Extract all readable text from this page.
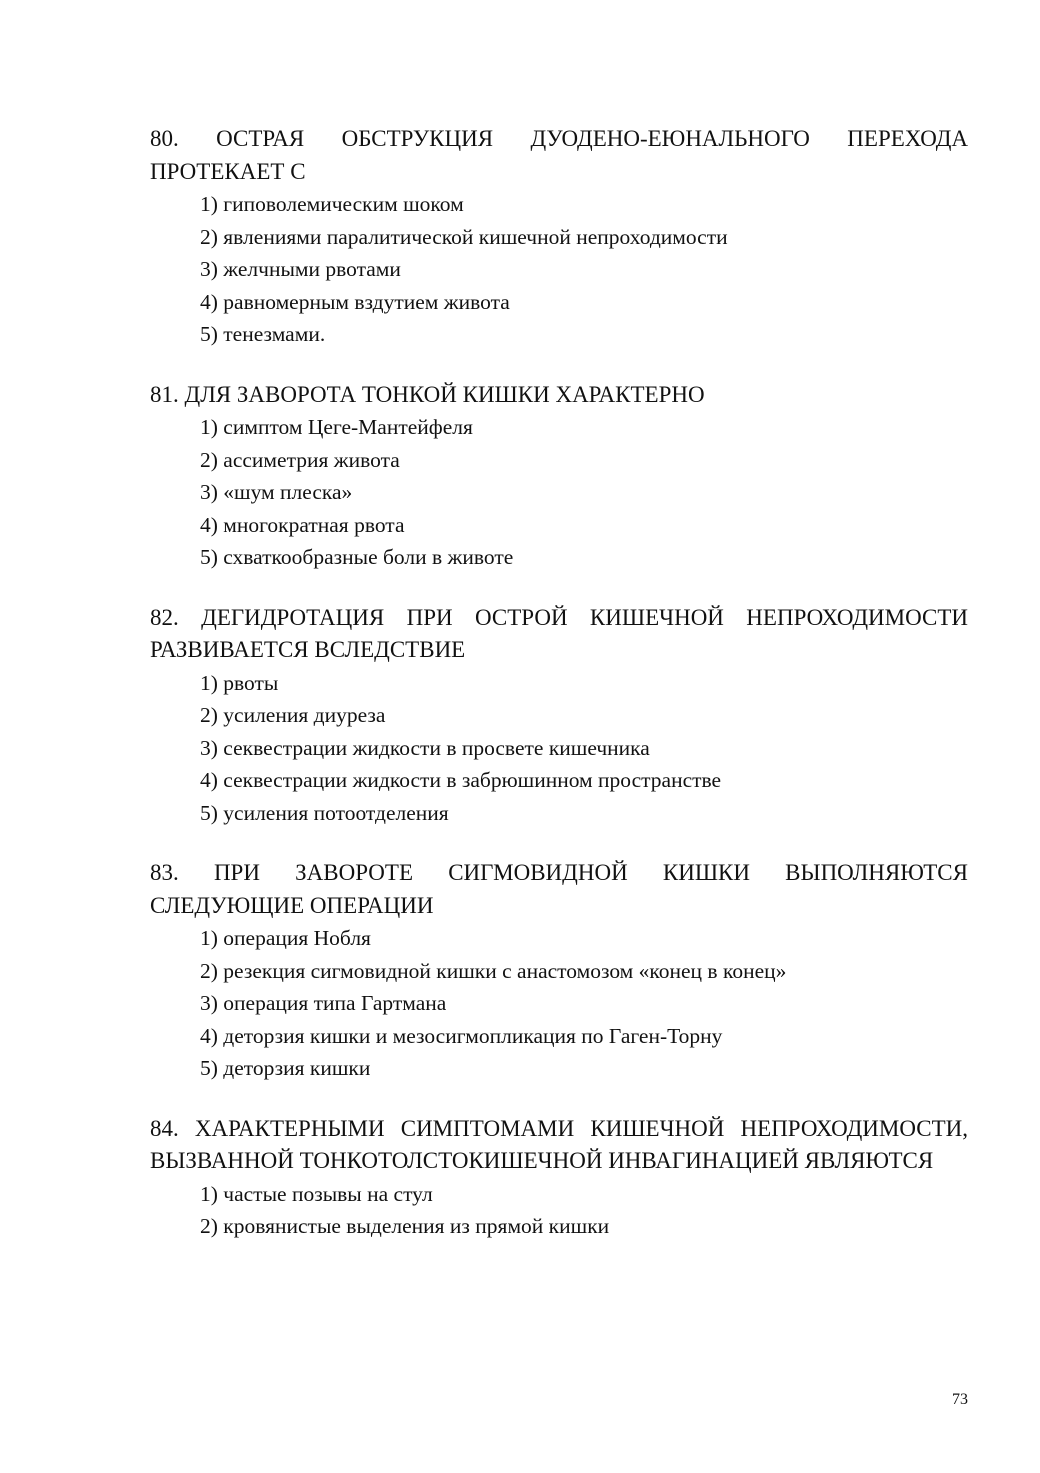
80. ОСТРАЯ ОБСТРУКЦИЯ ДУОДЕНО-ЕЮНАЛЬНОГО ПЕРЕХОДА ПРОТЕКАЕТ С

1) гиповолемическим шоком
2) явлениями паралитической кишечной непроходимости
3) желчными рвотами
4) равномерным вздутием живота
5) тенезмами.

81. ДЛЯ ЗАВОРОТА ТОНКОЙ КИШКИ ХАРАКТЕРНО

1) симптом Цеге-Мантейфеля
2) ассиметрия живота
3) «шум плеска»
4) многократная рвота
5) схваткообразные боли в животе

82. ДЕГИДРОТАЦИЯ ПРИ ОСТРОЙ КИШЕЧНОЙ НЕПРОХОДИМОСТИ РАЗВИВАЕТСЯ ВСЛЕДСТВИЕ

1) рвоты
2) усиления диуреза
3) секвестрации жидкости в просвете кишечника
4) секвестрации жидкости в забрюшинном пространстве
5) усиления потоотделения

83. ПРИ ЗАВОРОТЕ СИГМОВИДНОЙ КИШКИ ВЫПОЛНЯЮТСЯ СЛЕДУЮЩИЕ ОПЕРАЦИИ

1) операция Нобля
2) резекция сигмовидной кишки с анастомозом «конец в конец»
3) операция типа Гартмана
4) деторзия кишки и мезосигмопликация по Гаген-Торну
5) деторзия кишки

84. ХАРАКТЕРНЫМИ СИМПТОМАМИ КИШЕЧНОЙ НЕПРОХОДИМОСТИ, ВЫЗВАННОЙ ТОНКОТОЛСТОКИШЕЧНОЙ ИНВАГИНАЦИЕЙ ЯВЛЯЮТСЯ

1) частые позывы на стул
2) кровянистые выделения из прямой кишки
73
